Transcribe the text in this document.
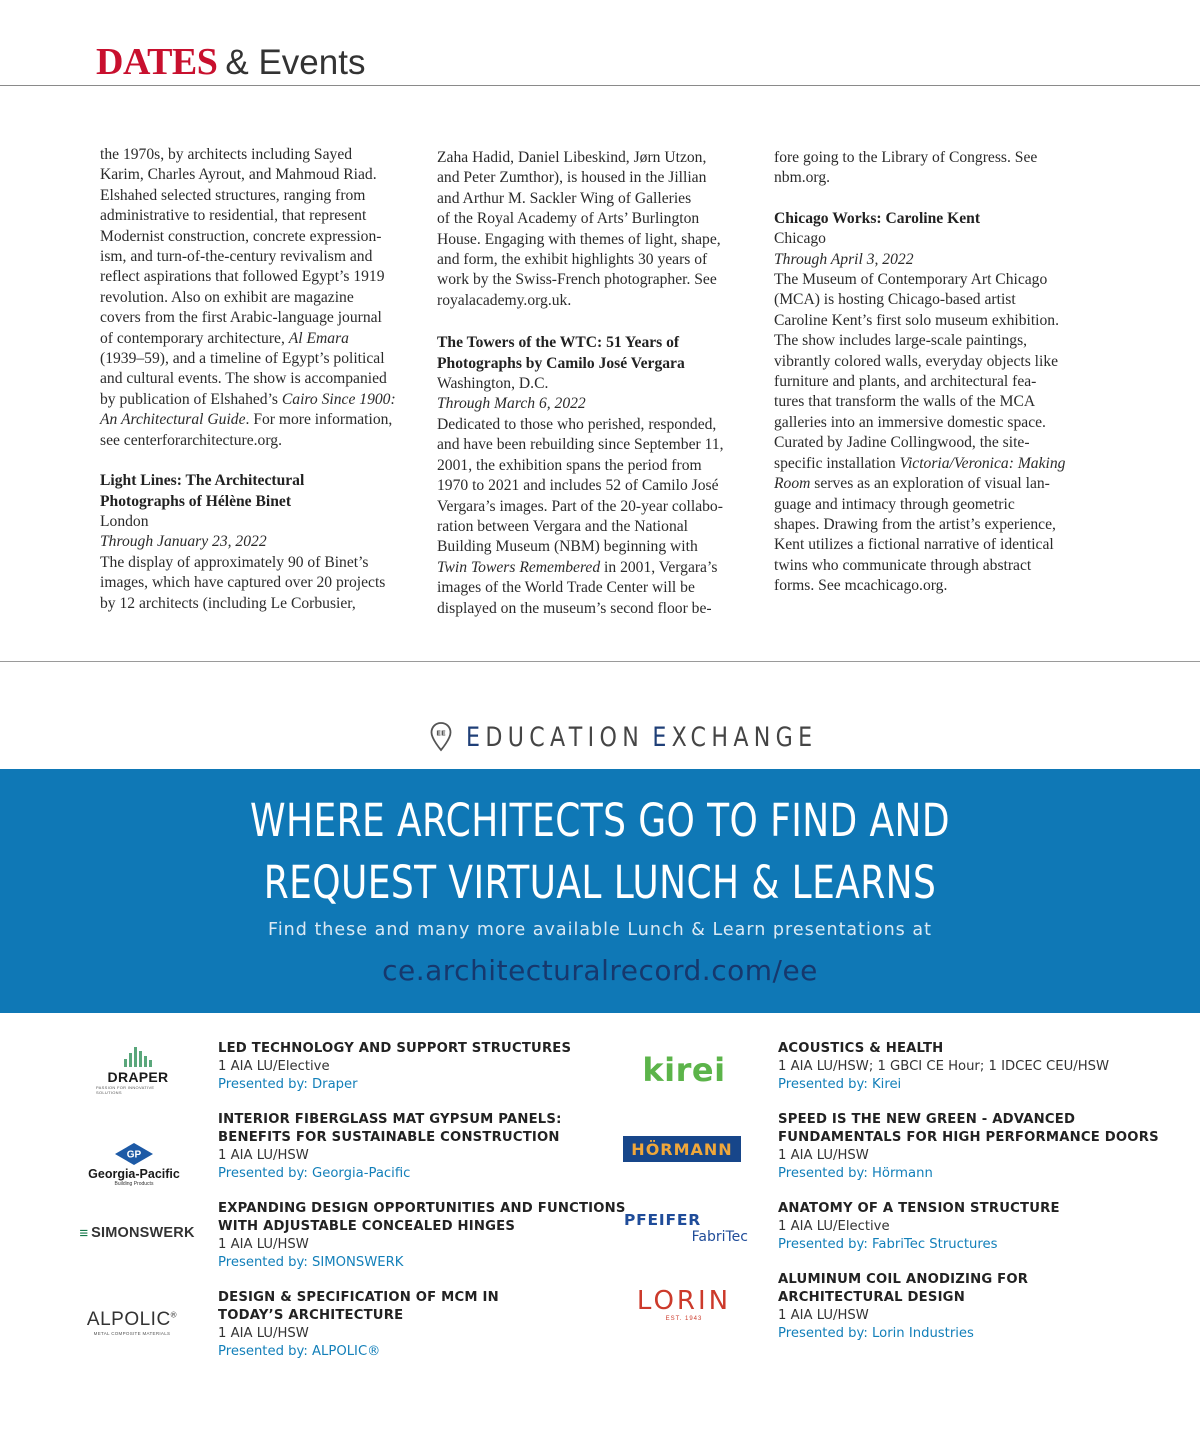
DATES & Events

the 1970s, by architects including Sayed

Karim, Charles Ayrout, and Mahmoud Riad.

Elshahed selected structures, ranging from

administrative to residential, that represent

Modernist construction, concrete expression-

ism, and turn-of-the-century revivalism and

reflect aspirations that followed Egypt’s 1919

revolution. Also on exhibit are magazine

covers from the first Arabic-language journal

of contemporary architecture, Al Emara

(1939–59), and a timeline of Egypt’s political

and cultural events. The show is accompanied

by publication of Elshahed’s Cairo Since 1900:

An Architectural Guide. For more information,

see centerforarchitecture.org.

Light Lines: The Architectural

Photographs of Hélène Binet

London

Through January 23, 2022

The display of approximately 90 of Binet’s

images, which have captured over 20 projects

by 12 architects (including Le Corbusier,

Zaha Hadid, Daniel Libeskind, Jørn Utzon,

and Peter Zumthor), is housed in the Jillian

and Arthur M. Sackler Wing of Galleries

of the Royal Academy of Arts’ Burlington

House. Engaging with themes of light, shape,

and form, the exhibit highlights 30 years of

work by the Swiss-French photographer. See

royalacademy.org.uk.

The Towers of the WTC: 51 Years of

Photographs by Camilo José Vergara

Washington, D.C.

Through March 6, 2022

Dedicated to those who perished, responded,

and have been rebuilding since September 11,

2001, the exhibition spans the period from

1970 to 2021 and includes 52 of Camilo José

Vergara’s images. Part of the 20-year collabo-

ration between Vergara and the National

Building Museum (NBM) beginning with

Twin Towers Remembered in 2001, Vergara’s

images of the World Trade Center will be

displayed on the museum’s second floor be-

fore going to the Library of Congress. See

nbm.org.

Chicago Works: Caroline Kent

Chicago

Through April 3, 2022

The Museum of Contemporary Art Chicago

(MCA) is hosting Chicago-based artist

Caroline Kent’s first solo museum exhibition.

The show includes large-scale paintings,

vibrantly colored walls, everyday objects like

furniture and plants, and architectural fea-

tures that transform the walls of the MCA

galleries into an immersive domestic space.

Curated by Jadine Collingwood, the site-

specific installation Victoria/Veronica: Making

Room serves as an exploration of visual lan-

guage and intimacy through geometric

shapes. Drawing from the artist’s experience,

Kent utilizes a fictional narrative of identical

twins who communicate through abstract

forms. See mcachicago.org.

EE EDUCATION EXCHANGE
WHERE ARCHITECTS GO TO FIND AND
REQUEST VIRTUAL LUNCH & LEARNS
Find these and many more available Lunch & Learn presentations at
ce.architecturalrecord.com/ee
DRAPER
PASSION FOR INNOVATIVE SOLUTIONS
GP
Georgia-Pacific
Building Products
≡ SIMONSWERK
ALPOLIC®
METAL COMPOSITE MATERIALS
kirei
HÖRMANN
PFEIFER
FabriTec
LORIN
EST. 1943
LED TECHNOLOGY AND SUPPORT STRUCTURES
1 AIA LU/Elective
Presented by: Draper
INTERIOR FIBERGLASS MAT GYPSUM PANELS:
BENEFITS FOR SUSTAINABLE CONSTRUCTION
1 AIA LU/HSW
Presented by: Georgia-Pacific
EXPANDING DESIGN OPPORTUNITIES AND FUNCTIONS
WITH ADJUSTABLE CONCEALED HINGES
1 AIA LU/HSW
Presented by: SIMONSWERK
DESIGN & SPECIFICATION OF MCM IN
TODAY’S ARCHITECTURE
1 AIA LU/HSW
Presented by: ALPOLIC®
ACOUSTICS & HEALTH
1 AIA LU/HSW; 1 GBCI CE Hour; 1 IDCEC CEU/HSW
Presented by: Kirei
SPEED IS THE NEW GREEN - ADVANCED
FUNDAMENTALS FOR HIGH PERFORMANCE DOORS
1 AIA LU/HSW
Presented by: Hörmann
ANATOMY OF A TENSION STRUCTURE
1 AIA LU/Elective
Presented by: FabriTec Structures
ALUMINUM COIL ANODIZING FOR
ARCHITECTURAL DESIGN
1 AIA LU/HSW
Presented by: Lorin Industries
